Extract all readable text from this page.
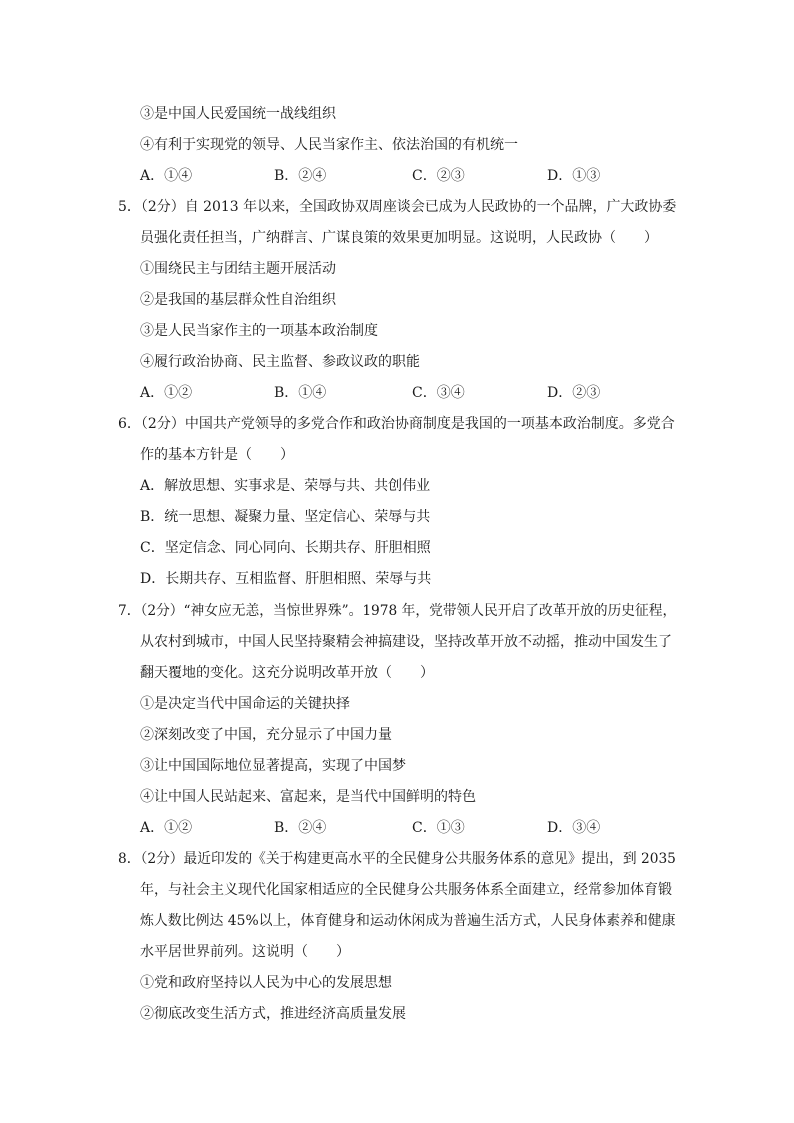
③是中国人民爱国统一战线组织
④有利于实现党的领导、人民当家作主、依法治国的有机统一
A．①④	B．②④	C．②③	D．①③
5．（2分）自 2013 年以来，全国政协双周座谈会已成为人民政协的一个品牌，广大政协委
员强化责任担当，广纳群言、广谋良策的效果更加明显。这说明，人民政协（　　）
①围绕民主与团结主题开展活动
②是我国的基层群众性自治组织
③是人民当家作主的一项基本政治制度
④履行政治协商、民主监督、参政议政的职能
A．①②	B．①④	C．③④	D．②③
6．（2分）中国共产党领导的多党合作和政治协商制度是我国的一项基本政治制度。多党合
作的基本方针是（　　）
A．解放思想、实事求是、荣辱与共、共创伟业
B．统一思想、凝聚力量、坚定信心、荣辱与共
C．坚定信念、同心同向、长期共存、肝胆相照
D．长期共存、互相监督、肝胆相照、荣辱与共
7．（2分）“神女应无恙，当惊世界殊”。1978 年，党带领人民开启了改革开放的历史征程，
从农村到城市，中国人民坚持聚精会神搞建设，坚持改革开放不动摇，推动中国发生了
翻天覆地的变化。这充分说明改革开放（　　）
①是决定当代中国命运的关键抉择
②深刻改变了中国，充分显示了中国力量
③让中国国际地位显著提高，实现了中国梦
④让中国人民站起来、富起来，是当代中国鲜明的特色
A．①②	B．②④	C．①③	D．③④
8．（2分）最近印发的《关于构建更高水平的全民健身公共服务体系的意见》提出，到 2035
年，与社会主义现代化国家相适应的全民健身公共服务体系全面建立，经常参加体育锻
炼人数比例达 45%以上，体育健身和运动休闲成为普遍生活方式，人民身体素养和健康
水平居世界前列。这说明（　　）
①党和政府坚持以人民为中心的发展思想
②彻底改变生活方式，推进经济高质量发展
